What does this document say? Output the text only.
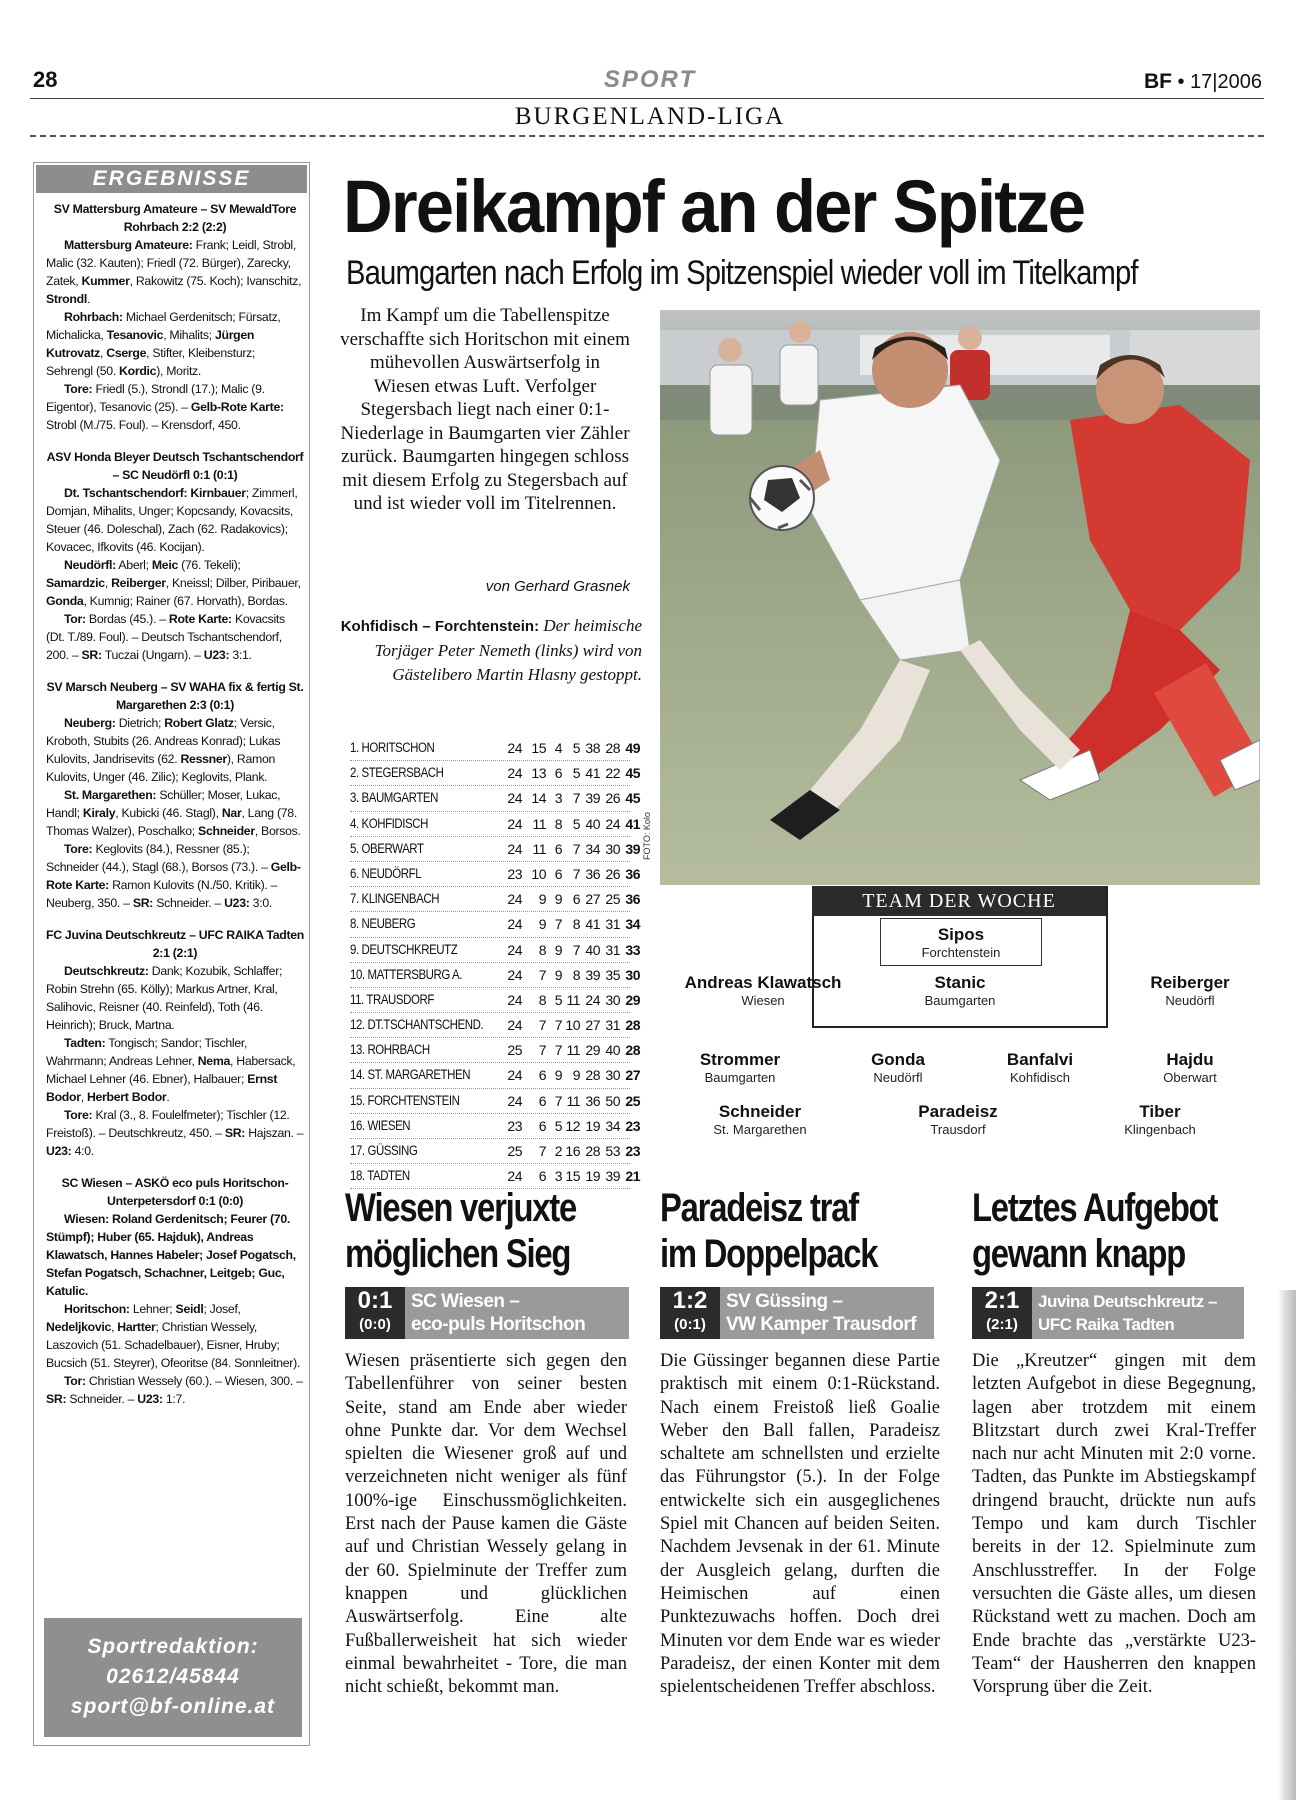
28	SPORT	BF • 17|2006
BURGENLAND-LIGA
ERGEBNISSE

SV Mattersburg Amateure – SV MewaldTore Rohrbach 2:2 (2:2)

Mattersburg Amateure: Frank; Leidl, Strobl, Malic (32. Kauten); Friedl (72. Bürger), Zarecky, Zatek, Kummer, Rakowitz (75. Koch); Ivanschitz, Strondl.

Rohrbach: Michael Gerdenitsch; Fürsatz, Michalicka, Tesanovic, Mihalits; Jürgen Kutrovatz, Cserge, Stifter, Kleibensturz; Sehrengl (50. Kordic), Moritz.

Tore: Friedl (5.), Strondl (17.); Malic (9. Eigentor), Tesanovic (25). – Gelb-Rote Karte: Strobl (M./75. Foul). – Krensdorf, 450.

ASV Honda Bleyer Deutsch Tschantschendorf – SC Neudörfl 0:1 (0:1)

Dt. Tschantschendorf: Kirnbauer; Zimmerl, Domjan, Mihalits, Unger; Kopcsandy, Kovacsits, Steuer (46. Doleschal), Zach (62. Radakovics); Kovacec, Ifkovits (46. Kocijan).

Neudörfl: Aberl; Meic (76. Tekeli); Samardzic, Reiberger, Kneissl; Dilber, Piribauer, Gonda, Kumnig; Rainer (67. Horvath), Bordas.

Tor: Bordas (45.). – Rote Karte: Kovacsits (Dt. T./89. Foul). – Deutsch Tschantschendorf, 200. – SR: Tuczai (Ungarn). – U23: 3:1.

SV Marsch Neuberg – SV WAHA fix & fertig St. Margarethen 2:3 (0:1)

Neuberg: Dietrich; Robert Glatz; Versic, Kroboth, Stubits (26. Andreas Konrad); Lukas Kulovits, Jandrisevits (62. Ressner), Ramon Kulovits, Unger (46. Zilic); Keglovits, Plank.

St. Margarethen: Schüller; Moser, Lukac, Handl; Kiraly, Kubicki (46. Stagl), Nar, Lang (78. Thomas Walzer), Poschalko; Schneider, Borsos.

Tore: Keglovits (84.), Ressner (85.); Schneider (44.), Stagl (68.), Borsos (73.). – Gelb-Rote Karte: Ramon Kulovits (N./50. Kritik). – Neuberg, 350. – SR: Schneider. – U23: 3:0.

FC Juvina Deutschkreutz – UFC RAIKA Tadten 2:1 (2:1)

Deutschkreutz: Dank; Kozubik, Schlaffer; Robin Strehn (65. Kölly); Markus Artner, Kral, Salihovic, Reisner (40. Reinfeld), Toth (46. Heinrich); Bruck, Martna.

Tadten: Tongisch; Sandor; Tischler, Wahrmann; Andreas Lehner, Nema, Habersack, Michael Lehner (46. Ebner), Halbauer; Ernst Bodor, Herbert Bodor.

Tore: Kral (3., 8. Foulelfmeter); Tischler (12. Freistoß). – Deutschkreutz, 450. – SR: Hajszan. – U23: 4:0.

SC Wiesen – ASKÖ eco puls Horitschon-Unterpetersdorf 0:1 (0:0)

Wiesen: Roland Gerdenitsch; Feurer (70. Stümpf); Huber (65. Hajduk), Andreas Klawatsch, Hannes Habeler; Josef Pogatsch, Stefan Pogatsch, Schachner, Leitgeb; Guc, Katulic.

Horitschon: Lehner; Seidl; Josef, Nedeljkovic, Hartter; Christian Wessely, Laszovich (51. Schadelbauer), Eisner, Hruby; Bucsich (51. Steyrer), Ofeoritse (84. Sonnleitner).

Tor: Christian Wessely (60.). – Wiesen, 300. – SR: Schneider. – U23: 1:7.

Sportredaktion:
02612/45844
sport@bf-online.at
Dreikampf an der Spitze
Baumgarten nach Erfolg im Spitzenspiel wieder voll im Titelkampf
Im Kampf um die Tabellenspitze verschaffte sich Horitschon mit einem mühevollen Auswärtserfolg in Wiesen etwas Luft. Verfolger Stegersbach liegt nach einer 0:1-Niederlage in Baumgarten vier Zähler zurück. Baumgarten hingegen schloss mit diesem Erfolg zu Stegersbach auf und ist wieder voll im Titelrennen.
von Gerhard Grasnek
Kohfidisch – Forchtenstein: Der heimische Torjäger Peter Nemeth (links) wird von Gästelibero Martin Hlasny gestoppt.
FOTO: Kolo
1. HORITSCHON	24 15 4 5 38 28 49
2. STEGERSBACH	24 13 6 5 41 22 45
3. BAUMGARTEN	24 14 3 7 39 26 45
4. KOHFIDISCH	24 11 8 5 40 24 41
5. OBERWART	24 11 6 7 34 30 39
6. NEUDÖRFL	23 10 6 7 36 26 36
7. KLINGENBACH	24	9 9 6 27 25 36
8. NEUBERG	24	9 7 8 41 31 34
9. DEUTSCHKREUTZ	24	8 9 7 40 31 33
10. MATTERSBURG A.	24	7 9 8 39 35 30
11. TRAUSDORF	24	8 5 11 24 30 29
12. DT.TSCHANTSCHEND.	24	7 7 10 27 31 28
13. ROHRBACH	25	7 7 11 29 40 28
14. ST. MARGARETHEN	24	6 9 9 28 30 27
15. FORCHTENSTEIN	24	6 7 11 36 50 25
16. WIESEN	23	6 5 12 19 34 23
17. GÜSSING	25	7 2 16 28 53 23
18. TADTEN	24	6 3 15 19 39 21
TEAM DER WOCHE
Sipos
Forchtenstein
Andreas Klawatsch
Wiesen
Stanic
Baumgarten
Reiberger
Neudörfl
Strommer
Baumgarten
Gonda
Neudörfl
Banfalvi
Kohfidisch
Hajdu
Oberwart
Schneider
St. Margarethen
Paradeisz
Trausdorf
Tiber
Klingenbach
Wiesen verjuxte
möglichen Sieg
0:1
(0:0)
SC Wiesen –
eco-puls Horitschon
Wiesen präsentierte sich gegen den Tabellenführer von seiner besten Seite, stand am Ende aber wieder ohne Punkte dar. Vor dem Wechsel spielten die Wiesener groß auf und verzeichneten nicht weniger als fünf 100%-ige Einschussmöglichkeiten. Erst nach der Pause kamen die Gäste auf und Christian Wessely gelang in der 60. Spielminute der Treffer zum knappen und glücklichen Auswärtserfolg. Eine alte Fußballerweisheit hat sich wieder einmal bewahrheitet - Tore, die man nicht schießt, bekommt man.
Paradeisz traf
im Doppelpack
1:2
(0:1)
SV Güssing –
VW Kamper Trausdorf
Die Güssinger begannen diese Partie praktisch mit einem 0:1-Rückstand. Nach einem Freistoß ließ Goalie Weber den Ball fallen, Paradeisz schaltete am schnellsten und erzielte das Führungstor (5.). In der Folge entwickelte sich ein ausgeglichenes Spiel mit Chancen auf beiden Seiten. Nachdem Jevsenak in der 61. Minute der Ausgleich gelang, durften die Heimischen auf einen Punktezuwachs hoffen. Doch drei Minuten vor dem Ende war es wieder Paradeisz, der einen Konter mit dem spielentscheidenen Treffer abschloss.
Letztes Aufgebot
gewann knapp
2:1
(2:1)
Juvina Deutschkreutz –
UFC Raika Tadten
Die „Kreutzer“ gingen mit dem letzten Aufgebot in diese Begegnung, lagen aber trotzdem mit einem Blitzstart durch zwei Kral-Treffer nach nur acht Minuten mit 2:0 vorne. Tadten, das Punkte im Abstiegskampf dringend braucht, drückte nun aufs Tempo und kam durch Tischler bereits in der 12. Spielminute zum Anschlusstreffer. In der Folge versuchten die Gäste alles, um diesen Rückstand wett zu machen. Doch am Ende brachte das „verstärkte U23-Team“ der Hausherren den knappen Vorsprung über die Zeit.
